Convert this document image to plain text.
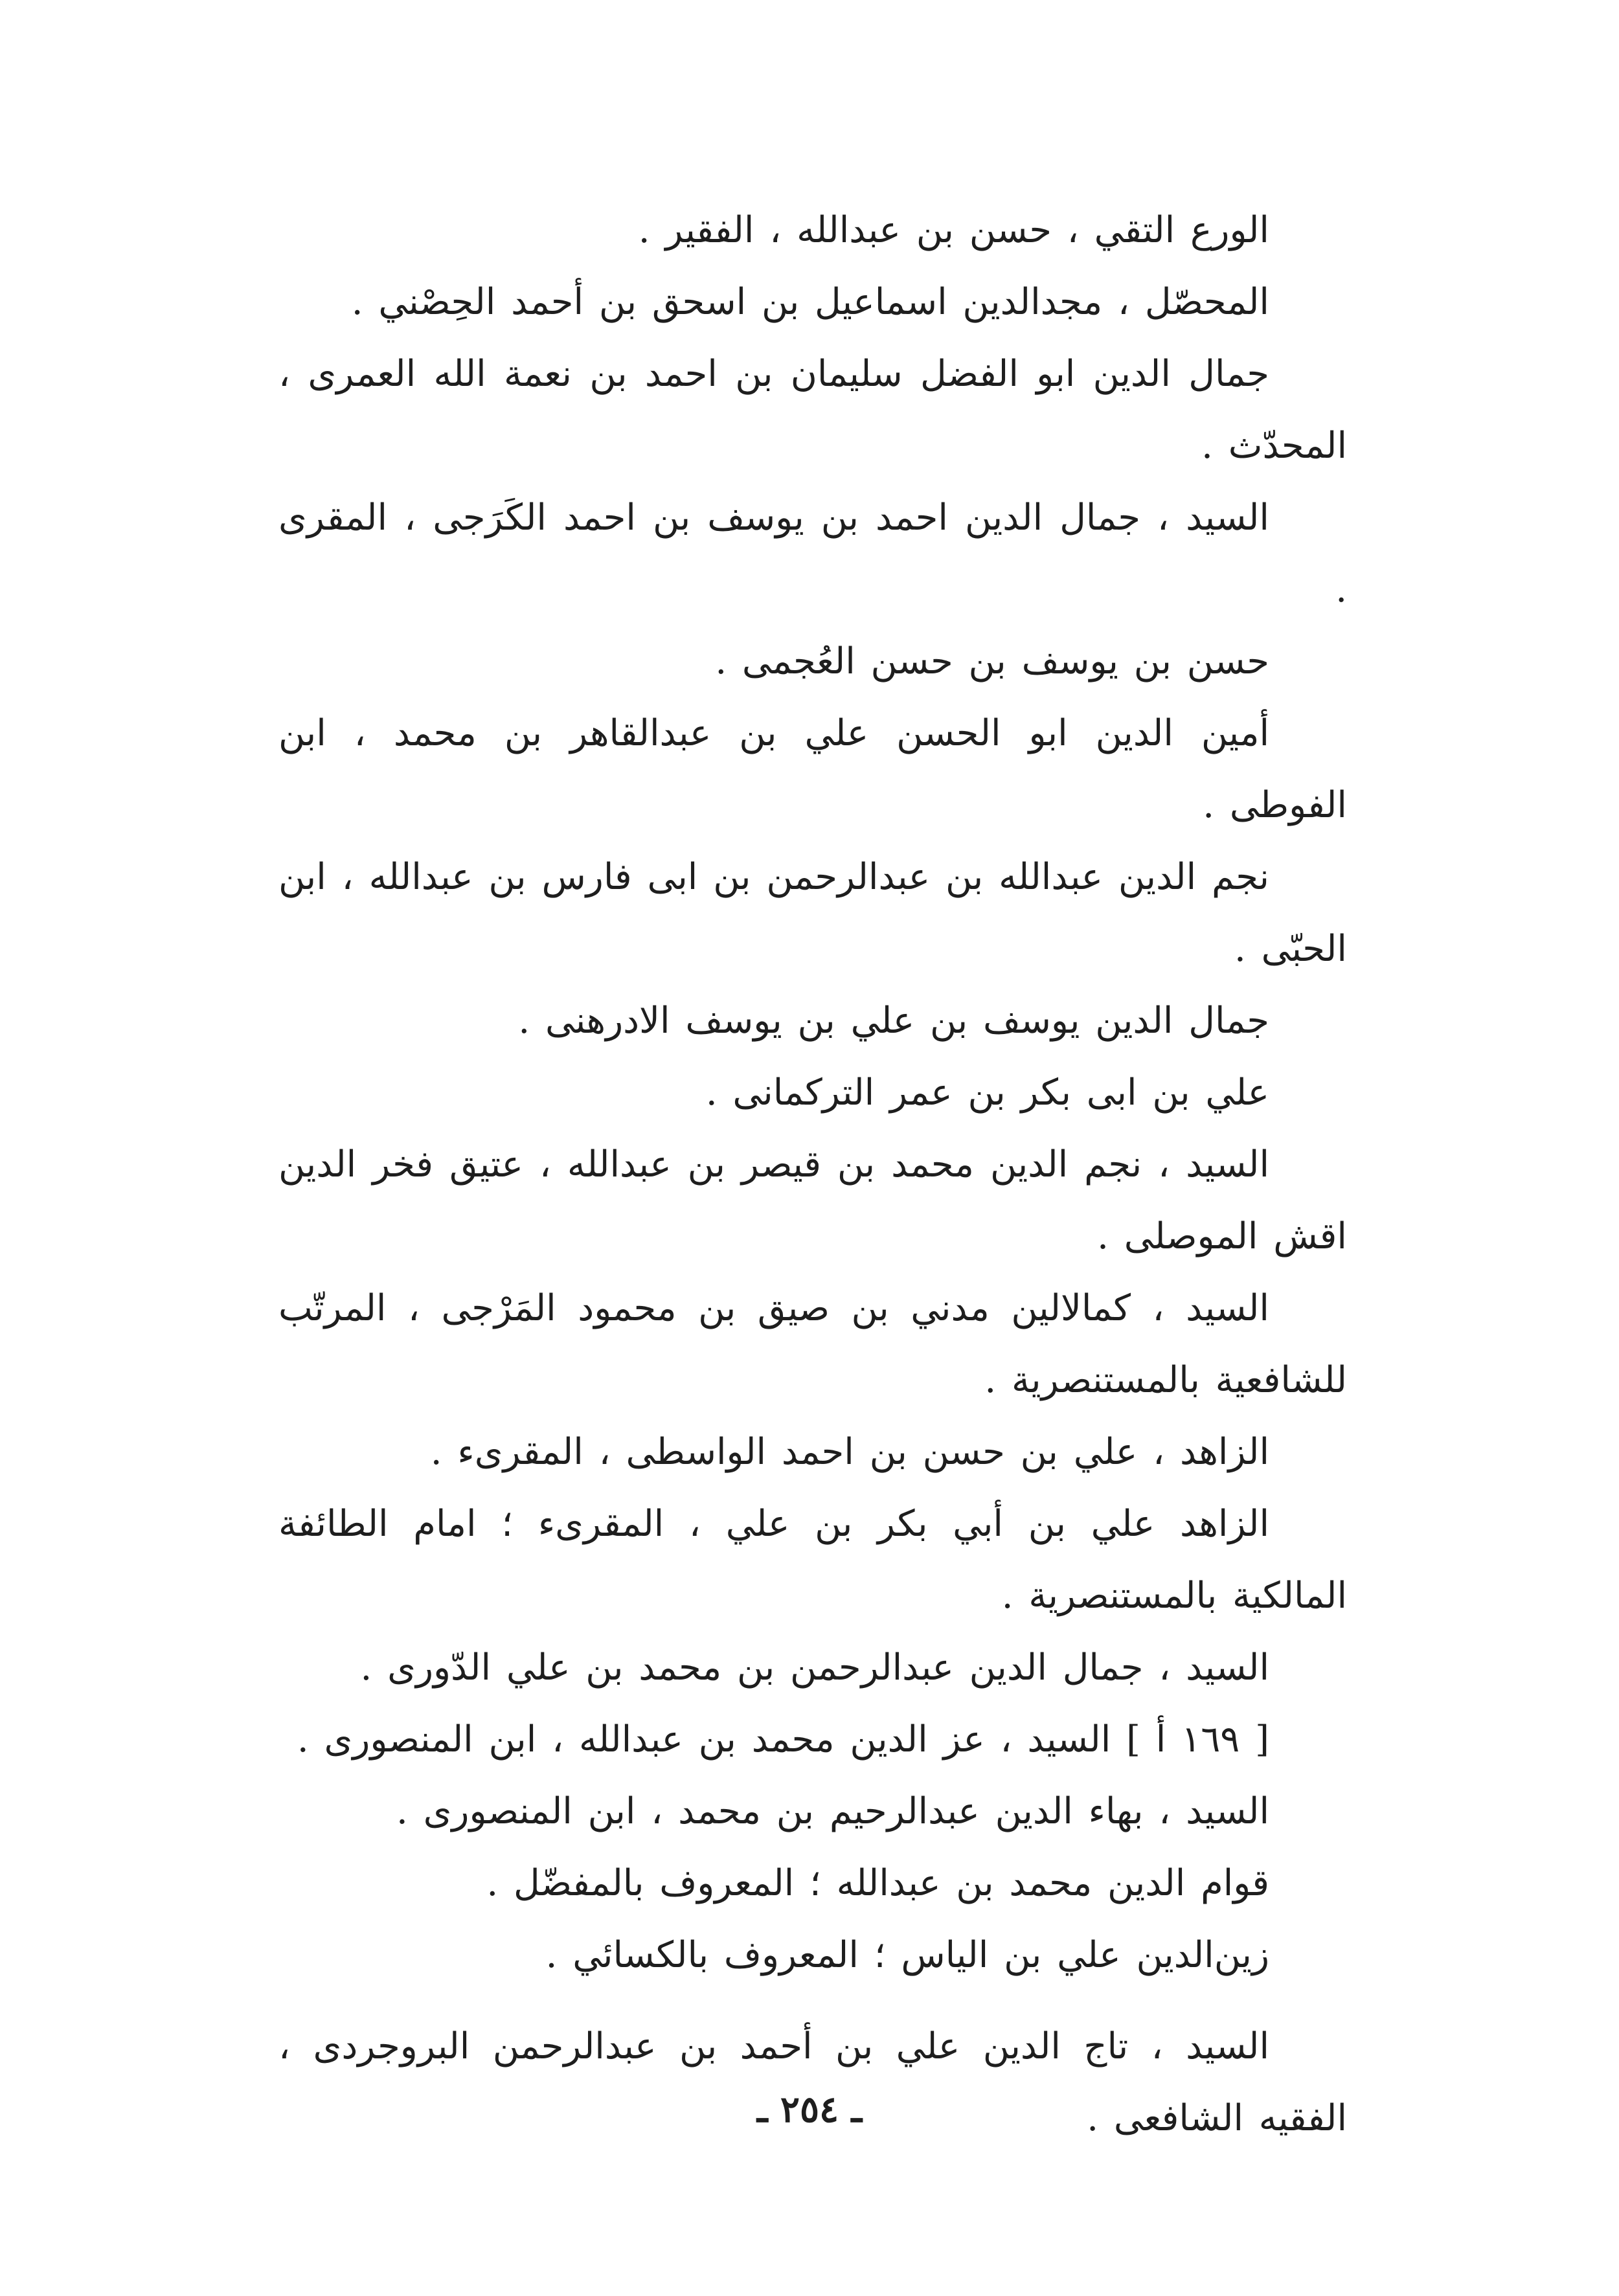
الورع التقي ، حسن بن عبدالله ، الفقير .

المحصّل ، مجدالدين اسماعيل بن اسحق بن أحمد الحِصْني .

جمال الدين ابو الفضل سليمان بن احمد بن نعمة الله العمرى ، المحدّث .

السيد ، جمال الدين احمد بن يوسف بن احمد الكَرَجى ، المقرى .

حسن بن يوسف بن حسن العُجمى .

أمين الدين ابو الحسن علي بن عبدالقاهر بن محمد ، ابن الفوطى .

نجم الدين عبدالله بن عبدالرحمن بن ابى فارس بن عبدالله ، ابن الحبّى .

جمال الدين يوسف بن علي بن يوسف الادرهنى .

علي بن ابى بكر بن عمر التركمانى .

السيد ، نجم الدين محمد بن قيصر بن عبدالله ، عتيق فخر الدين اقش الموصلى .

السيد ، كمالالين مدني بن صيق بن محمود المَرْجى ، المرتّب للشافعية بالمستنصرية .

الزاهد ، علي بن حسن بن احمد الواسطى ، المقرىء .

الزاهد علي بن أبي بكر بن علي ، المقرىء ؛ امام الطائفة المالكية بالمستنصرية .

السيد ، جمال الدين عبدالرحمن بن محمد بن علي الدّورى .

[ ١٦٩ أ ] السيد ، عز الدين محمد بن عبدالله ، ابن المنصورى .

السيد ، بهاء الدين عبدالرحيم بن محمد ، ابن المنصورى .

قوام الدين محمد بن عبدالله ؛ المعروف بالمفضّل .

زين‌الدين علي بن الياس ؛ المعروف بالكسائي .

السيد ، تاج الدين علي بن أحمد بن عبدالرحمن البروجردى ، الفقيه الشافعى .

ـ ٢٥٤ ـ
